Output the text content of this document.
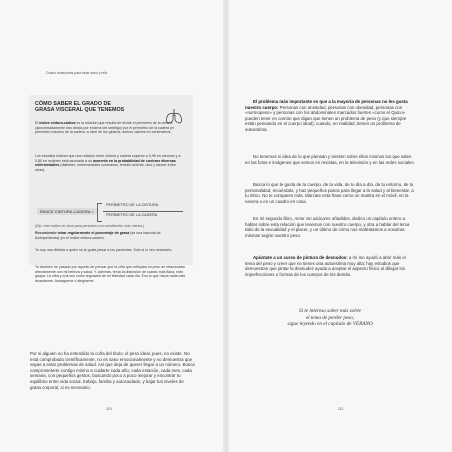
Cuatro estaciones para estar sano y feliz
CÓMO SABER EL GRADO DE
GRASA VISCERAL QUE TENEMOS
El índice cintura-cadera es la relación que resulta de dividir el perímetro de la cintura (aproximadamente dos dedos por encima del ombligo) por el perímetro de la cadera (el perímetro máximo de la cadera, a nivel de los glúteos; ambos valores en centímetros.
Los estudios indican que una relación entre cintura y cadera superior a 0,95 en varones y a 0,80 en mujeres está asociada a un aumento en la probabilidad de contraer diversas enfermedades (diabetes, enfermedades coronarias, tensión arterial, ulus y cáncer entre otras).
ÍNDICE CINTURA-CADERA =
PERÍMETRO DE LA CINTURA
PERÍMETRO DE LA CADERA
(Ojo, este índice no sirve para personas con constitución más mecha.)
Recomiendo mirar regularmente el porcentaje de grasa (se una báscula de bioimpedancia) y/o el índice cintura-cadera.
Yo soy una dietista a quien no le gusta pesar a los pacientes. Solo si lo veo necesario.
Yo también he pasado por aquello de pensar que la cifra que reflejaba mi peso se relacionaba directamente con mi belleza y salud. Y, además, tenía la distorsión de cuanto más flaca, más guapa. La cifra y a la vez como regulador de mi felicidad cada día. Eso lo que hacía nada más levantarme. Amargarme o alegrarme.
Por si alguien no ha entendido la coña del título: el peso ideal, pues, no existe. No está comprobado científicamente, no es sano emocionalmente y no demuestra que vayas a estar problemas de salud. Así que deja de querer llegar a un número. Busca comprometerte contigo mismo a cuidarte cada año, cada estación, cada mes, cada semana, con pequeños gestos, buscando poco a poco mejorar y encontrar tu equilibrio entre vida social, trabajo, familia y autocuidado, y bajar tus niveles de grasa corporal, si es necesario.
110
El problema más importante es que a la mayoría de personas no les gusta nuestro cuerpo: Personas con ansiedad, personas con obesidad, personas con «normopeso» y personas con los abdominales marcados fuertes «como el Quico» pueden tener en común que digan que tienen un problema de peso (y que siempre están pensando en el cuerpo ideal); cuando, en realidad, tienen un problema de autoestima.
No tenemos ni idea de lo que piensan y sienten sobre ellos mismos los que salen en las fotos e imágenes que vemos en revistas, en la televisión y en las redes sociales.
Busca lo que te gusta de tu cuerpo, de tu vida, de tu día a día, de tu entorno, de tu personalidad, recuérdalo, y haz pequeños pasos para llegar a la salud y al bienestar, a tu ritmo. No te compares más. Márcate esta frase como un mantra en el móvil, en la nevera o en un cuadro en casa.
En mi segundo libro, Amor sin azúcares añadidos, dedico un capítulo entero a hablar sobre esta relación que tenemos con nuestro cuerpo, y otra a hablar del tema tabú de la sexualidad y el placer, y un último de cómo nos maltratamos a nosotras mismas según nuestro peso.
Apúntate a un curso de pintura de desnudos: a mí me ayudó a abrir más el tema del peso y creer que no tienes una autoestima muy alta; hay estudios que demuestran que pintar la desnudez ayuda a aceptar el aspecto físico al dibujar los imperfecciones o formas de los cuerpos de los demás.
Si te interesa saber más sobre
el tema de perder peso,
sigue leyendo en el capítulo de VERANO
111
